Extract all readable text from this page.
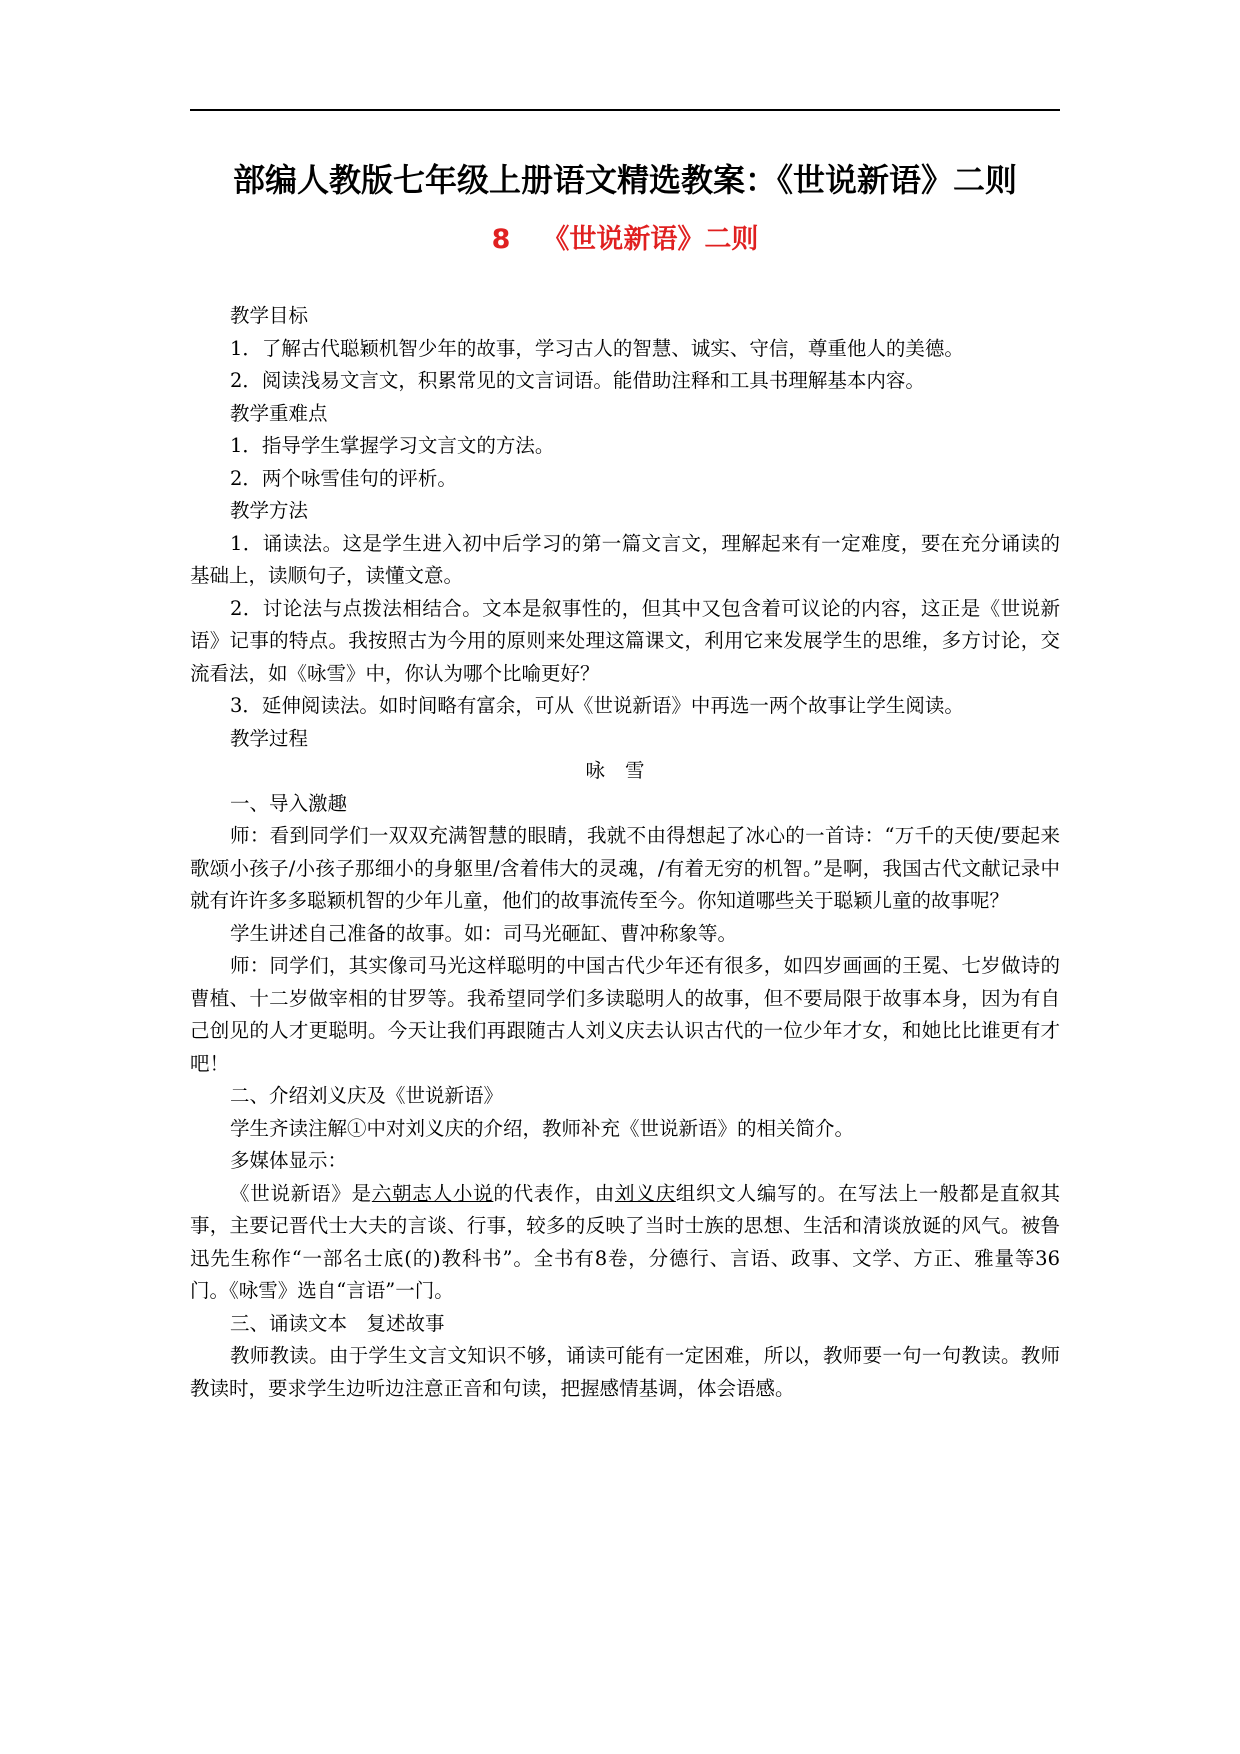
部编人教版七年级上册语文精选教案：《世说新语》二则
8 《世说新语》二则

教学目标

1．了解古代聪颖机智少年的故事，学习古人的智慧、诚实、守信，尊重他人的美德。

2．阅读浅易文言文，积累常见的文言词语。能借助注释和工具书理解基本内容。

教学重难点

1．指导学生掌握学习文言文的方法。

2．两个咏雪佳句的评析。

教学方法

1．诵读法。这是学生进入初中后学习的第一篇文言文，理解起来有一定难度，要在充分诵读的基础上，读顺句子，读懂文意。

2．讨论法与点拨法相结合。文本是叙事性的，但其中又包含着可议论的内容，这正是《世说新语》记事的特点。我按照古为今用的原则来处理这篇课文，利用它来发展学生的思维，多方讨论，交流看法，如《咏雪》中，你认为哪个比喻更好？

3．延伸阅读法。如时间略有富余，可从《世说新语》中再选一两个故事让学生阅读。

教学过程

咏雪

一、导入激趣

师：看到同学们一双双充满智慧的眼睛，我就不由得想起了冰心的一首诗：“万千的天使/要起来歌颂小孩子/小孩子那细小的身躯里/含着伟大的灵魂，/有着无穷的机智。”是啊，我国古代文献记录中就有许许多多聪颖机智的少年儿童，他们的故事流传至今。你知道哪些关于聪颖儿童的故事呢？

学生讲述自己准备的故事。如：司马光砸缸、曹冲称象等。

师：同学们，其实像司马光这样聪明的中国古代少年还有很多，如四岁画画的王冕、七岁做诗的曹植、十二岁做宰相的甘罗等。我希望同学们多读聪明人的故事，但不要局限于故事本身，因为有自己创见的人才更聪明。今天让我们再跟随古人刘义庆去认识古代的一位少年才女，和她比比谁更有才吧！

二、介绍刘义庆及《世说新语》

学生齐读注解①中对刘义庆的介绍，教师补充《世说新语》的相关简介。

多媒体显示：

《世说新语》是六朝志人小说的代表作，由刘义庆组织文人编写的。在写法上一般都是直叙其事，主要记晋代士大夫的言谈、行事，较多的反映了当时士族的思想、生活和清谈放诞的风气。被鲁迅先生称作“一部名士底(的)教科书”。全书有8卷，分德行、言语、政事、文学、方正、雅量等36门。《咏雪》选自“言语”一门。

三、诵读文本　复述故事

教师教读。由于学生文言文知识不够，诵读可能有一定困难，所以，教师要一句一句教读。教师教读时，要求学生边听边注意正音和句读，把握感情基调，体会语感。
